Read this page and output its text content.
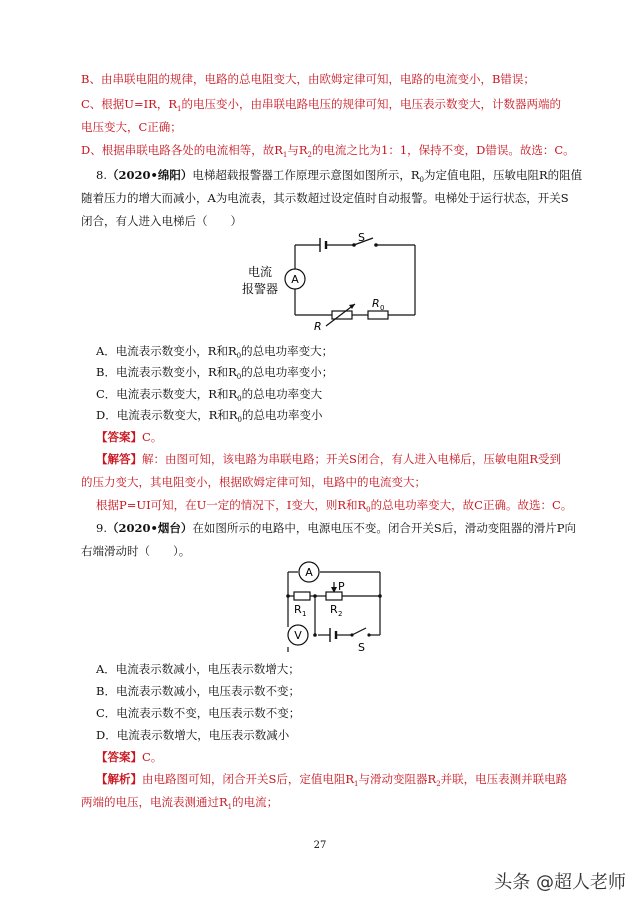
B、由串联电阻的规律，电路的总电阻变大，由欧姆定律可知，电路的电流变小，B错误；
C、根据U=IR，$R_1$的电压变小，由串联电路电压的规律可知，电压表示数变大，计数器两端的
电压变大，C正确；
D、根据串联电路各处的电流相等，故$R_1$与$R_2$的电流之比为1：1，保持不变，D错误。故选：C。
8.（2020•绵阳）电梯超载报警器工作原理示意图如图所示，$R_0$为定值电阻，压敏电阻R的阻值
随着压力的增大而减小，A为电流表，其示数超过设定值时自动报警。电梯处于运行状态，开关S
闭合，有人进入电梯后（　　）
A
S
R 0
R
电流
报警器
A．电流表示数变小，R和$R_0$的总电功率变大；
B．电流表示数变小，R和$R_0$的总电功率变小；
C．电流表示数变大，R和$R_0$的总电功率变大
D．电流表示数变大，R和$R_0$的总电功率变小
【答案】C。
【解答】解：由图可知，该电路为串联电路；开关S闭合，有人进入电梯后，压敏电阻R受到
的压力变大，其电阻变小，根据欧姆定律可知，电路中的电流变大；
根据P=UI可知，在U一定的情况下，I变大，则R和$R_0$的总电功率变大，故C正确。故选：C。
9.（2020•烟台）在如图所示的电路中，电源电压不变。闭合开关S后，滑动变阻器的滑片P向
右端滑动时（　　）。
A
V
P
R 1 R 2
S
A．电流表示数减小，电压表示数增大；
B．电流表示数减小，电压表示数不变；
C．电流表示数不变，电压表示数不变；
D．电流表示数增大，电压表示数减小
【答案】C。
【解析】由电路图可知，闭合开关S后，定值电阻$R_1$与滑动变阻器$R_2$并联，电压表测并联电路
两端的电压，电流表测通过$R_1$的电流；
27
头条 @超人老师
